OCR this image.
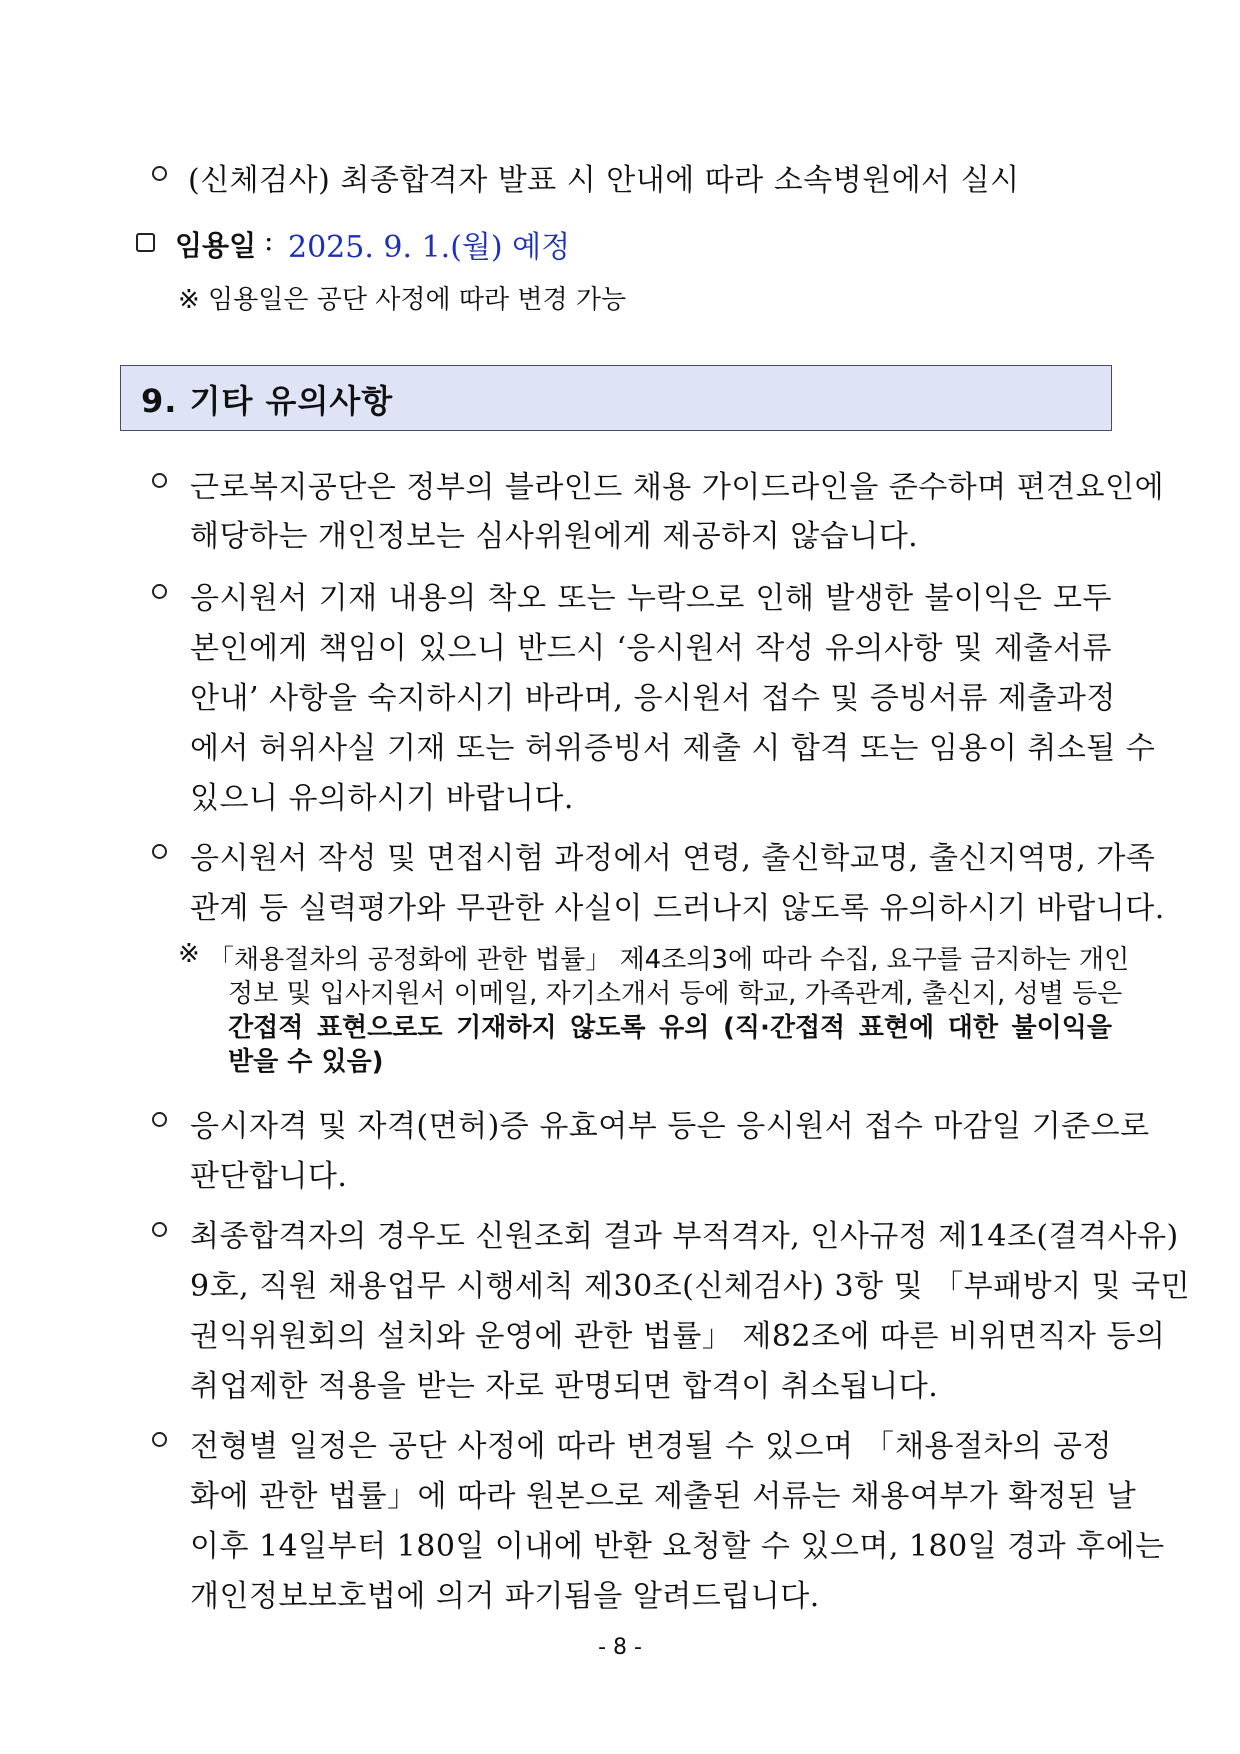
(신체검사) 최종합격자 발표 시 안내에 따라 소속병원에서 실시
임용일 : 2025. 9. 1.(월) 예정
※ 임용일은 공단 사정에 따라 변경 가능
9. 기타 유의사항
근로복지공단은 정부의 블라인드 채용 가이드라인을 준수하며 편견요인에
해당하는 개인정보는 심사위원에게 제공하지 않습니다.
응시원서 기재 내용의 착오 또는 누락으로 인해 발생한 불이익은 모두
본인에게 책임이 있으니 반드시 ‘응시원서 작성 유의사항 및 제출서류
안내’ 사항을 숙지하시기 바라며, 응시원서 접수 및 증빙서류 제출과정
에서 허위사실 기재 또는 허위증빙서 제출 시 합격 또는 임용이 취소될 수
있으니 유의하시기 바랍니다.
응시원서 작성 및 면접시험 과정에서 연령, 출신학교명, 출신지역명, 가족
관계 등 실력평가와 무관한 사실이 드러나지 않도록 유의하시기 바랍니다.
※ 「채용절차의 공정화에 관한 법률」 제4조의3에 따라 수집, 요구를 금지하는 개인
정보 및 입사지원서 이메일, 자기소개서 등에 학교, 가족관계, 출신지, 성별 등은
간접적 표현으로도 기재하지 않도록 유의 (직·간접적 표현에 대한 불이익을
받을 수 있음)
응시자격 및 자격(면허)증 유효여부 등은 응시원서 접수 마감일 기준으로
판단합니다.
최종합격자의 경우도 신원조회 결과 부적격자, 인사규정 제14조(결격사유)
9호, 직원 채용업무 시행세칙 제30조(신체검사) 3항 및 「부패방지 및 국민
권익위원회의 설치와 운영에 관한 법률」 제82조에 따른 비위면직자 등의
취업제한 적용을 받는 자로 판명되면 합격이 취소됩니다.
전형별 일정은 공단 사정에 따라 변경될 수 있으며 「채용절차의 공정
화에 관한 법률」에 따라 원본으로 제출된 서류는 채용여부가 확정된 날
이후 14일부터 180일 이내에 반환 요청할 수 있으며, 180일 경과 후에는
개인정보보호법에 의거 파기됨을 알려드립니다.
- 8 -
